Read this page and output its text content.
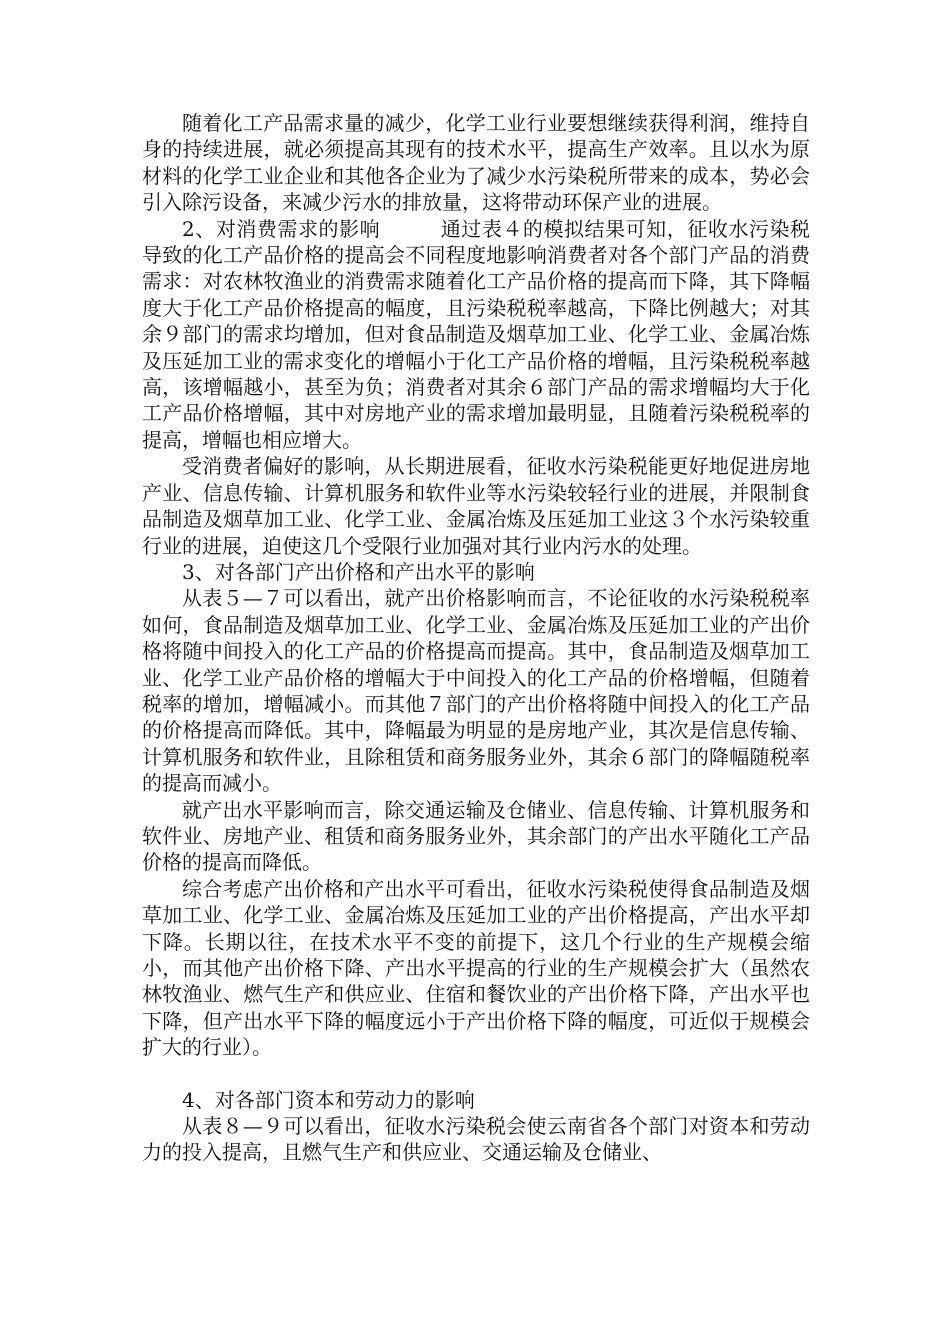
随着化工产品需求量的减少，化学工业行业要想继续获得利润，维持自身的持续进展，就必须提高其现有的技术水平，提高生产效率。且以水为原材料的化学工业企业和其他各企业为了减少水污染税所带来的成本，势必会引入除污设备，来减少污水的排放量，这将带动环保产业的进展。

2、对消费需求的影响	通过表４的模拟结果可知，征收水污染税导致的化工产品价格的提高会不同程度地影响消费者对各个部门产品的消费需求：对农林牧渔业的消费需求随着化工产品价格的提高而下降，其下降幅度大于化工产品价格提高的幅度，且污染税税率越高，下降比例越大；对其余９部门的需求均增加，但对食品制造及烟草加工业、化学工业、金属冶炼及压延加工业的需求变化的增幅小于化工产品价格的增幅，且污染税税率越高，该增幅越小，甚至为负；消费者对其余６部门产品的需求增幅均大于化工产品价格增幅，其中对房地产业的需求增加最明显，且随着污染税税率的提高，增幅也相应增大。

受消费者偏好的影响，从长期进展看，征收水污染税能更好地促进房地产业、信息传输、计算机服务和软件业等水污染较轻行业的进展，并限制食品制造及烟草加工业、化学工业、金属冶炼及压延加工业这３个水污染较重行业的进展，迫使这几个受限行业加强对其行业内污水的处理。

3、对各部门产出价格和产出水平的影响

从表５—７可以看出，就产出价格影响而言，不论征收的水污染税税率如何，食品制造及烟草加工业、化学工业、金属冶炼及压延加工业的产出价格将随中间投入的化工产品的价格提高而提高。其中，食品制造及烟草加工业、化学工业产品价格的增幅大于中间投入的化工产品的价格增幅，但随着税率的增加，增幅减小。而其他７部门的产出价格将随中间投入的化工产品的价格提高而降低。其中，降幅最为明显的是房地产业，其次是信息传输、计算机服务和软件业，且除租赁和商务服务业外，其余６部门的降幅随税率的提高而减小。

就产出水平影响而言，除交通运输及仓储业、信息传输、计算机服务和软件业、房地产业、租赁和商务服务业外，其余部门的产出水平随化工产品价格的提高而降低。

综合考虑产出价格和产出水平可看出，征收水污染税使得食品制造及烟草加工业、化学工业、金属冶炼及压延加工业的产出价格提高，产出水平却下降。长期以往，在技术水平不变的前提下，这几个行业的生产规模会缩小，而其他产出价格下降、产出水平提高的行业的生产规模会扩大（虽然农林牧渔业、燃气生产和供应业、住宿和餐饮业的产出价格下降，产出水平也下降，但产出水平下降的幅度远小于产出价格下降的幅度，可近似于规模会扩大的行业）。

4、对各部门资本和劳动力的影响

从表８—９可以看出，征收水污染税会使云南省各个部门对资本和劳动力的投入提高，且燃气生产和供应业、交通运输及仓储业、
